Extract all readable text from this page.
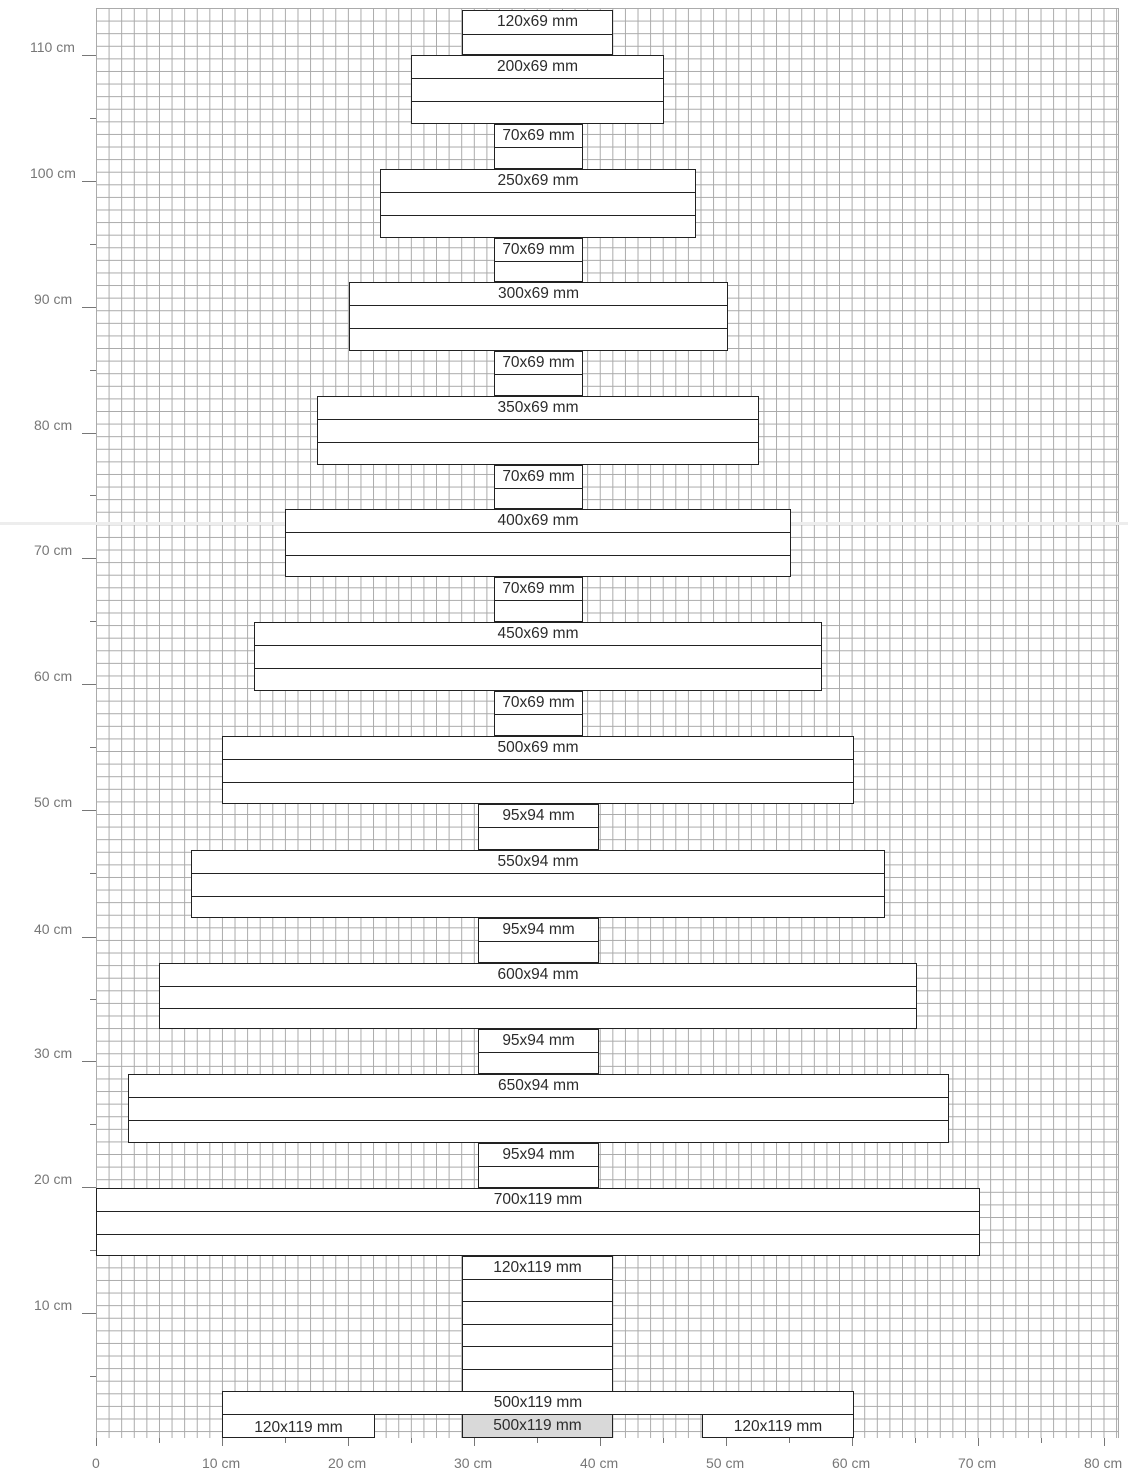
110 cm
100 cm
90 cm
80 cm
70 cm
60 cm
50 cm
40 cm
30 cm
20 cm
10 cm
0	10 cm	20 cm	30 cm	40 cm	50 cm	60 cm	70 cm	80 cm
120x69 mm
200x69 mm
70x69 mm
250x69 mm
70x69 mm
300x69 mm
70x69 mm
350x69 mm
70x69 mm
400x69 mm
70x69 mm
450x69 mm
70x69 mm
500x69 mm
95x94 mm
550x94 mm
95x94 mm
600x94 mm
95x94 mm
650x94 mm
95x94 mm
700x119 mm
120x119 mm
500x119 mm
120x119 mm	500x119 mm	120x119 mm
